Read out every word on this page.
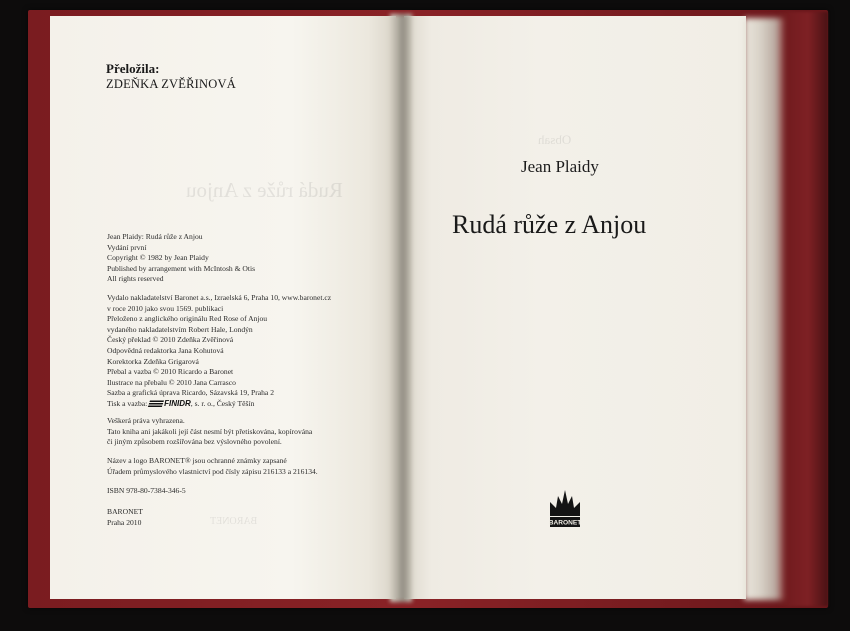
Rudá růže z Anjou
BARONET
Obsah
Přeložila:
ZDEŇKA ZVĚŘINOVÁ
Jean Plaidy: Rudá růže z Anjou
Vydání první
Copyright © 1982 by Jean Plaidy
Published by arrangement with McIntosh & Otis
All rights reserved
Vydalo nakladatelství Baronet a.s., Izraelská 6, Praha 10, www.baronet.cz
v roce 2010 jako svou 1569. publikaci
Přeloženo z anglického originálu Red Rose of Anjou
vydaného nakladatelstvím Robert Hale, Londýn
Český překlad © 2010 Zdeňka Zvěřinová
Odpovědná redaktorka Jana Kohutová
Korektorka Zdeňka Grigarová
Přebal a vazba © 2010 Ricardo a Baronet
Ilustrace na přebalu © 2010 Jana Carrasco
Sazba a grafická úprava Ricardo, Sázavská 19, Praha 2
Tisk a vazba: FINIDR, s. r. o., Český Těšín
Veškerá práva vyhrazena.
Tato kniha ani jakákoli její část nesmí být přetiskována, kopírována
či jiným způsobem rozšiřována bez výslovného povolení.
Název a logo BARONET® jsou ochranné známky zapsané
Úřadem průmyslového vlastnictví pod čísly zápisu 216133 a 216134.
ISBN 978-80-7384-346-5
BARONET
Praha 2010
Jean Plaidy
Rudá růže z Anjou
BARONET
